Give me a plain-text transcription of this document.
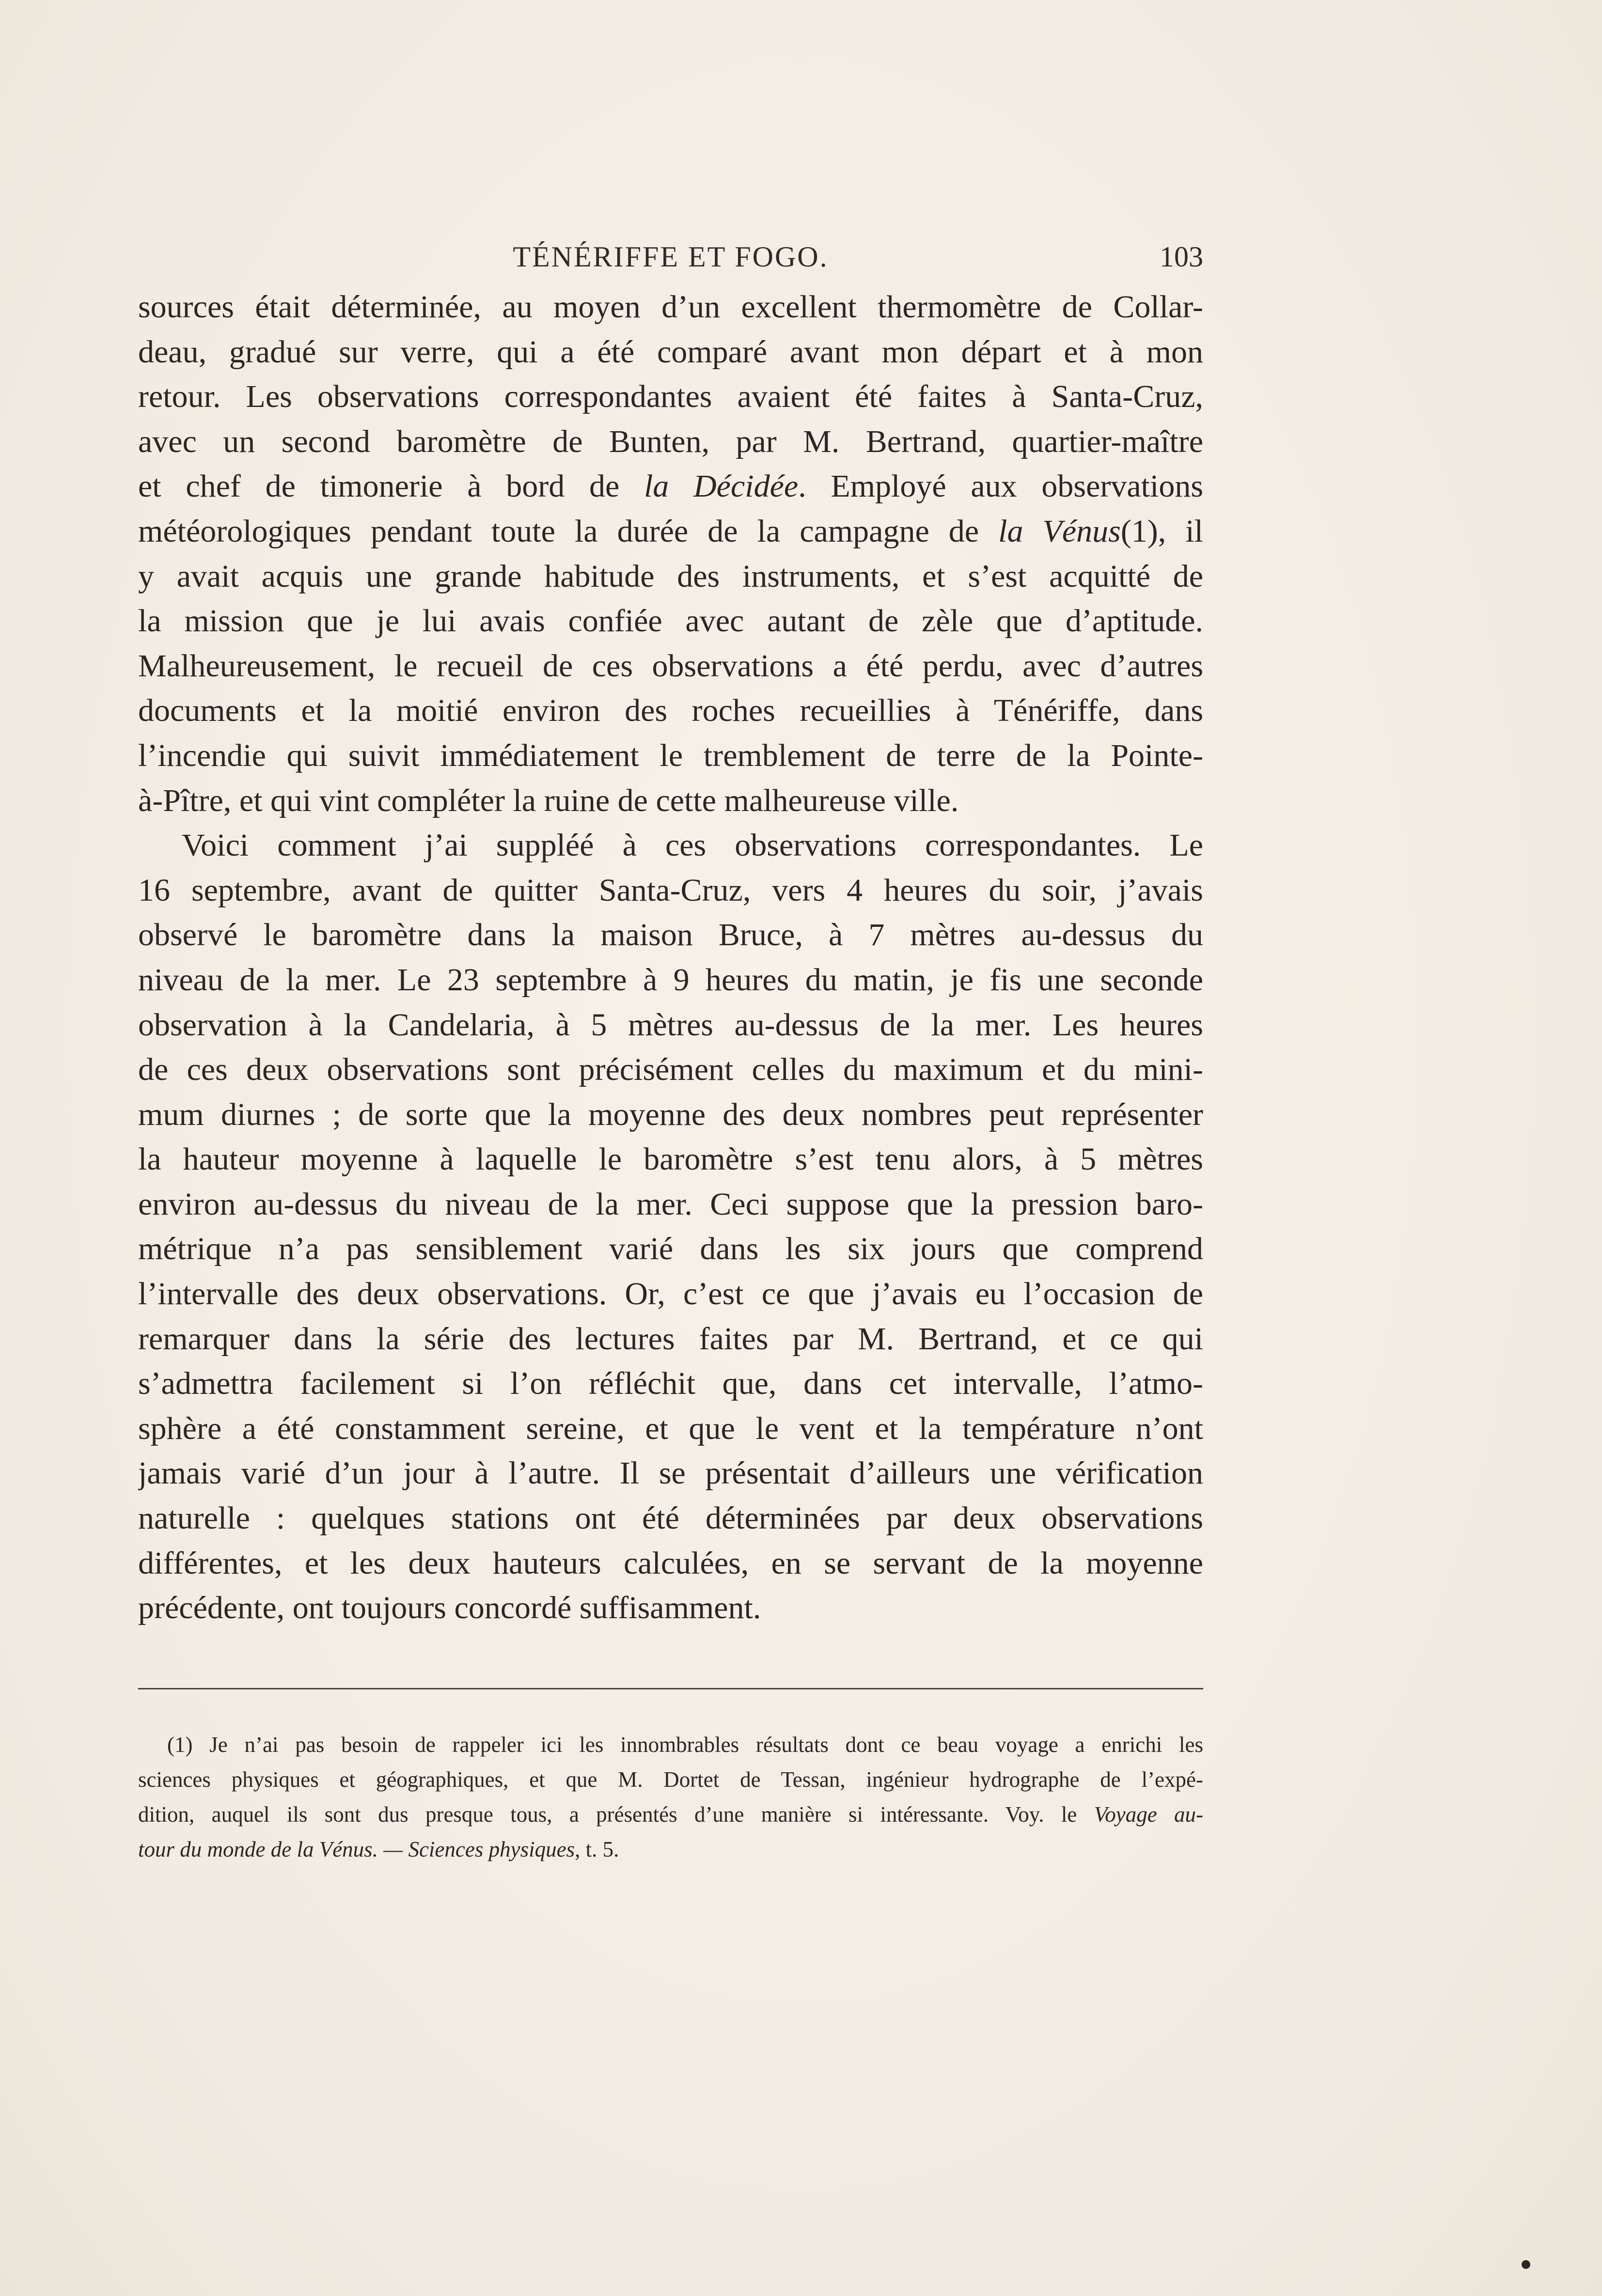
TÉNÉRIFFE ET FOGO.	103
sources était déterminée, au moyen d’un excellent thermomètre de Collar-
deau, gradué sur verre, qui a été comparé avant mon départ et à mon
retour. Les observations correspondantes avaient été faites à Santa-Cruz,
avec un second baromètre de Bunten, par M. Bertrand, quartier-maître
et chef de timonerie à bord de la Décidée. Employé aux observations
météorologiques pendant toute la durée de la campagne de la Vénus(1), il
y avait acquis une grande habitude des instruments, et s’est acquitté de
la mission que je lui avais confiée avec autant de zèle que d’aptitude.
Malheureusement, le recueil de ces observations a été perdu, avec d’autres
documents et la moitié environ des roches recueillies à Ténériffe, dans
l’incendie qui suivit immédiatement le tremblement de terre de la Pointe-
à-Pître, et qui vint compléter la ruine de cette malheureuse ville.
Voici comment j’ai suppléé à ces observations correspondantes. Le
16 septembre, avant de quitter Santa-Cruz, vers 4 heures du soir, j’avais
observé le baromètre dans la maison Bruce, à 7 mètres au-dessus du
niveau de la mer. Le 23 septembre à 9 heures du matin, je fis une seconde
observation à la Candelaria, à 5 mètres au-dessus de la mer. Les heures
de ces deux observations sont précisément celles du maximum et du mini-
mum diurnes ; de sorte que la moyenne des deux nombres peut représenter
la hauteur moyenne à laquelle le baromètre s’est tenu alors, à 5 mètres
environ au-dessus du niveau de la mer. Ceci suppose que la pression baro-
métrique n’a pas sensiblement varié dans les six jours que comprend
l’intervalle des deux observations. Or, c’est ce que j’avais eu l’occasion de
remarquer dans la série des lectures faites par M. Bertrand, et ce qui
s’admettra facilement si l’on réfléchit que, dans cet intervalle, l’atmo-
sphère a été constamment sereine, et que le vent et la température n’ont
jamais varié d’un jour à l’autre. Il se présentait d’ailleurs une vérification
naturelle : quelques stations ont été déterminées par deux observations
différentes, et les deux hauteurs calculées, en se servant de la moyenne
précédente, ont toujours concordé suffisamment.
(1) Je n’ai pas besoin de rappeler ici les innombrables résultats dont ce beau voyage a enrichi les
sciences physiques et géographiques, et que M. Dortet de Tessan, ingénieur hydrographe de l’expé-
dition, auquel ils sont dus presque tous, a présentés d’une manière si intéressante. Voy. le Voyage au-
tour du monde de la Vénus. — Sciences physiques, t. 5.
